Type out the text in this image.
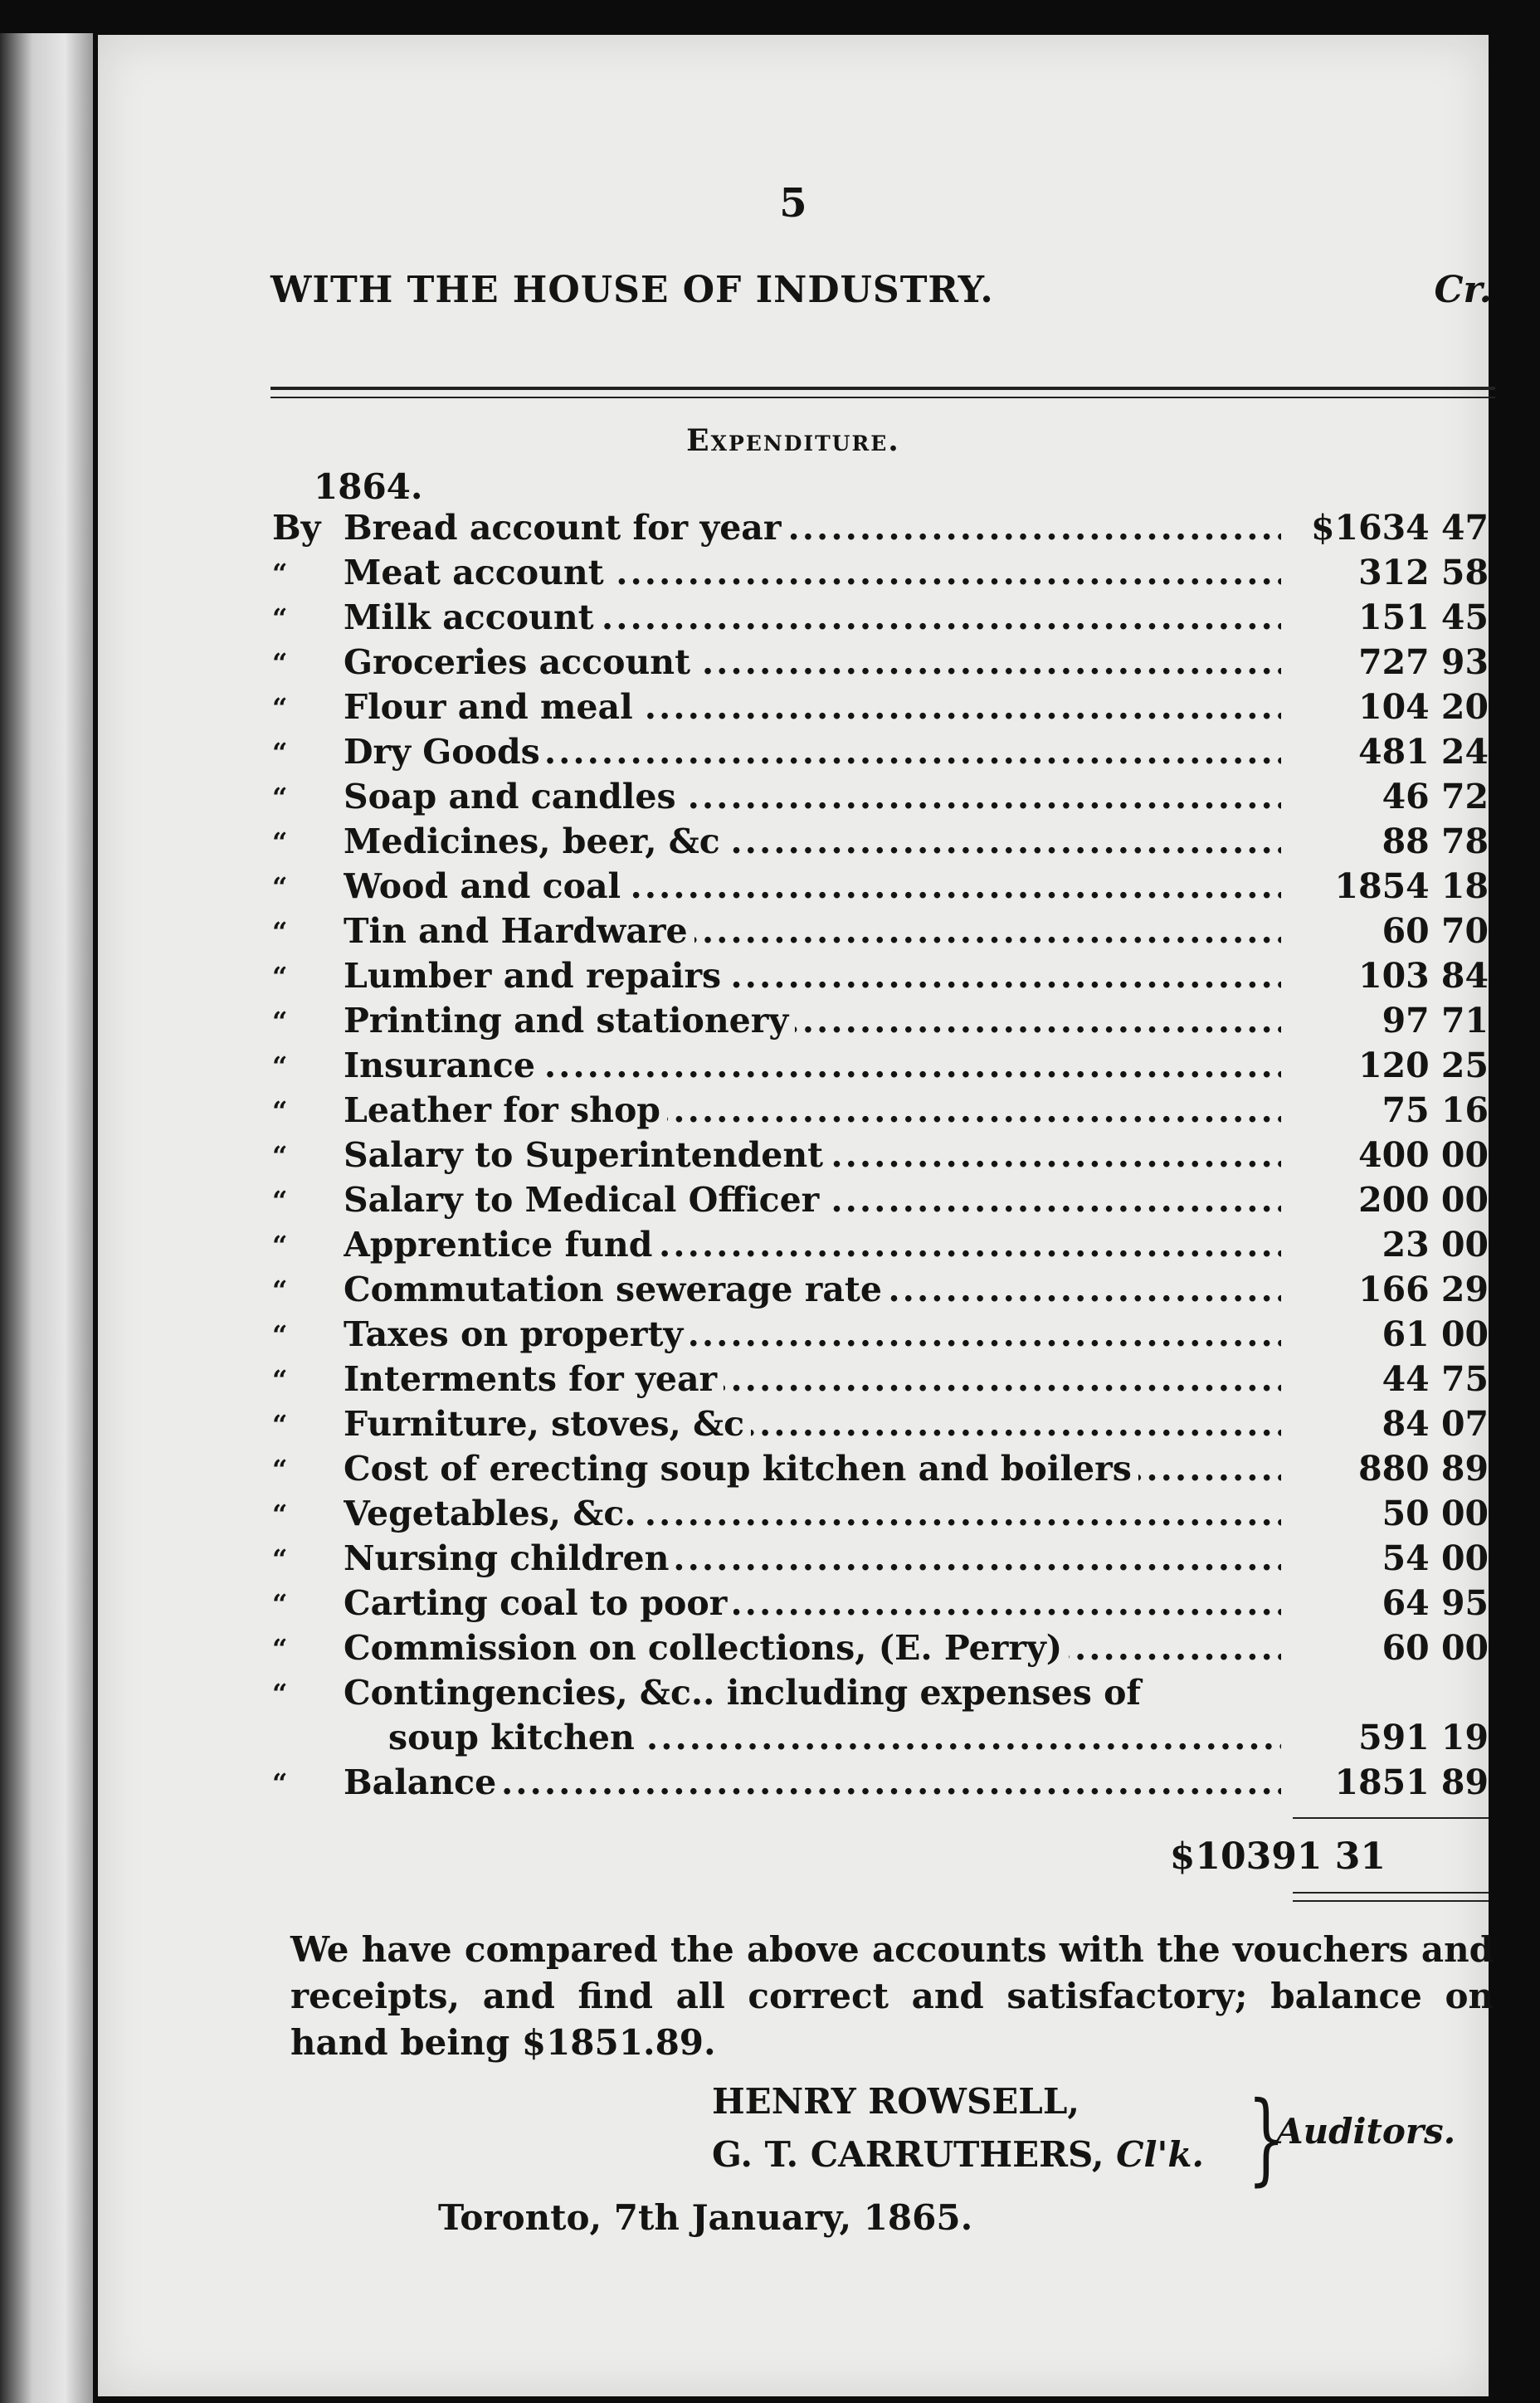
5
WITH THE HOUSE OF INDUSTRY.	Cr.
Expenditure.
1864.
By Bread account for year .....	$1634 47
“	Meat account .....	312 58
“	Milk account .....	151 45
“	Groceries account .....	727 93
“	Flour and meal .....	104 20
“	Dry Goods .....	481 24
“	Soap and candles .....	46 72
“	Medicines, beer, &c .....	88 78
“	Wood and coal .....	1854 18
“	Tin and Hardware .....	60 70
“	Lumber and repairs .....	103 84
“	Printing and stationery .....	97 71
“	Insurance .....	120 25
“	Leather for shop .....	75 16
“	Salary to Superintendent .....	400 00
“	Salary to Medical Officer .....	200 00
“	Apprentice fund .....	23 00
“	Commutation sewerage rate .....	166 29
“	Taxes on property .....	61 00
“	Interments for year .....	44 75
“	Furniture, stoves, &c .....	84 07
“	Cost of erecting soup kitchen and boilers .....	880 89
“	Vegetables, &c. .....	50 00
“	Nursing children .....	54 00
“	Carting coal to poor .....	64 95
“	Commission on collections, (E. Perry) .....	60 00
“	Contingencies, &c.. including expenses of
soup kitchen .....	591 19
“	Balance .....	1851 89
$10391 31
We have compared the above accounts with the vouchers and receipts, and find all correct and satisfactory; balance on hand being $1851.89.
HENRY ROWSELL,
G. T. CARRUTHERS, Cl'k. }
Auditors.
Toronto, 7th January, 1865.
